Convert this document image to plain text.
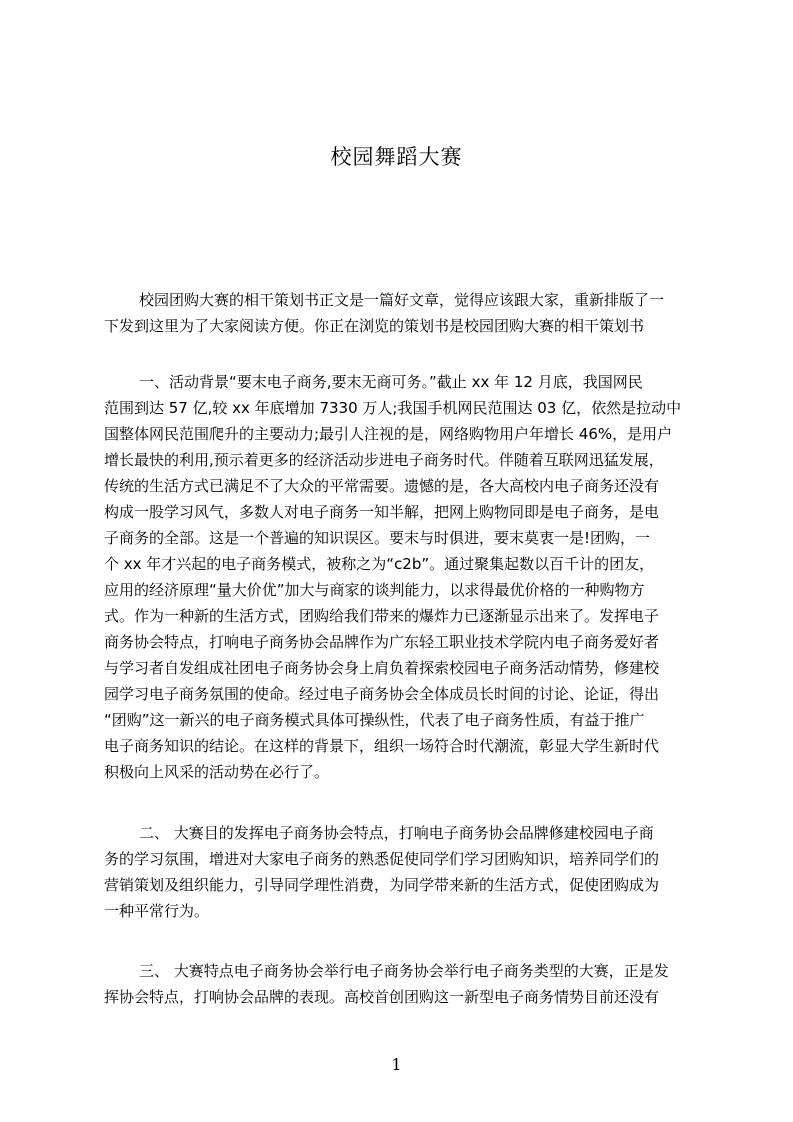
校园舞蹈大赛
校园团购大赛的相干策划书正文是一篇好文章，觉得应该跟大家，重新排版了一
下发到这里为了大家阅读方便。你正在浏览的策划书是校园团购大赛的相干策划书
一、活动背景“要末电子商务,要末无商可务。”截止 xx 年 12 月底，我国网民
范围到达 57 亿,较 xx 年底增加 7330 万人;我国手机网民范围达 03 亿，依然是拉动中
国整体网民范围爬升的主要动力;最引人注视的是，网络购物用户年增长 46%，是用户
增长最快的利用,预示着更多的经济活动步进电子商务时代。伴随着互联网迅猛发展，
传统的生活方式已满足不了大众的平常需要。遗憾的是，各大高校内电子商务还没有
构成一股学习风气，多数人对电子商务一知半解，把网上购物同即是电子商务，是电
子商务的全部。这是一个普遍的知识误区。要末与时俱进，要末莫衷一是!团购，一
个 xx 年才兴起的电子商务模式，被称之为“c2b”。通过聚集起数以百千计的团友，
应用的经济原理“量大价优”加大与商家的谈判能力，以求得最优价格的一种购物方
式。作为一种新的生活方式，团购给我们带来的爆炸力已逐渐显示出来了。发挥电子
商务协会特点，打响电子商务协会品牌作为广东轻工职业技术学院内电子商务爱好者
与学习者自发组成社团电子商务协会身上肩负着探索校园电子商务活动情势，修建校
园学习电子商务氛围的使命。经过电子商务协会全体成员长时间的讨论、论证，得出
“团购”这一新兴的电子商务模式具体可操纵性，代表了电子商务性质，有益于推广
电子商务知识的结论。在这样的背景下，组织一场符合时代潮流，彰显大学生新时代
积极向上风采的活动势在必行了。
二、 大赛目的发挥电子商务协会特点，打响电子商务协会品牌修建校园电子商
务的学习氛围，增进对大家电子商务的熟悉促使同学们学习团购知识，培养同学们的
营销策划及组织能力，引导同学理性消费，为同学带来新的生活方式，促使团购成为
一种平常行为。
三、 大赛特点电子商务协会举行电子商务协会举行电子商务类型的大赛，正是发
挥协会特点，打响协会品牌的表现。高校首创团购这一新型电子商务情势目前还没有
1
